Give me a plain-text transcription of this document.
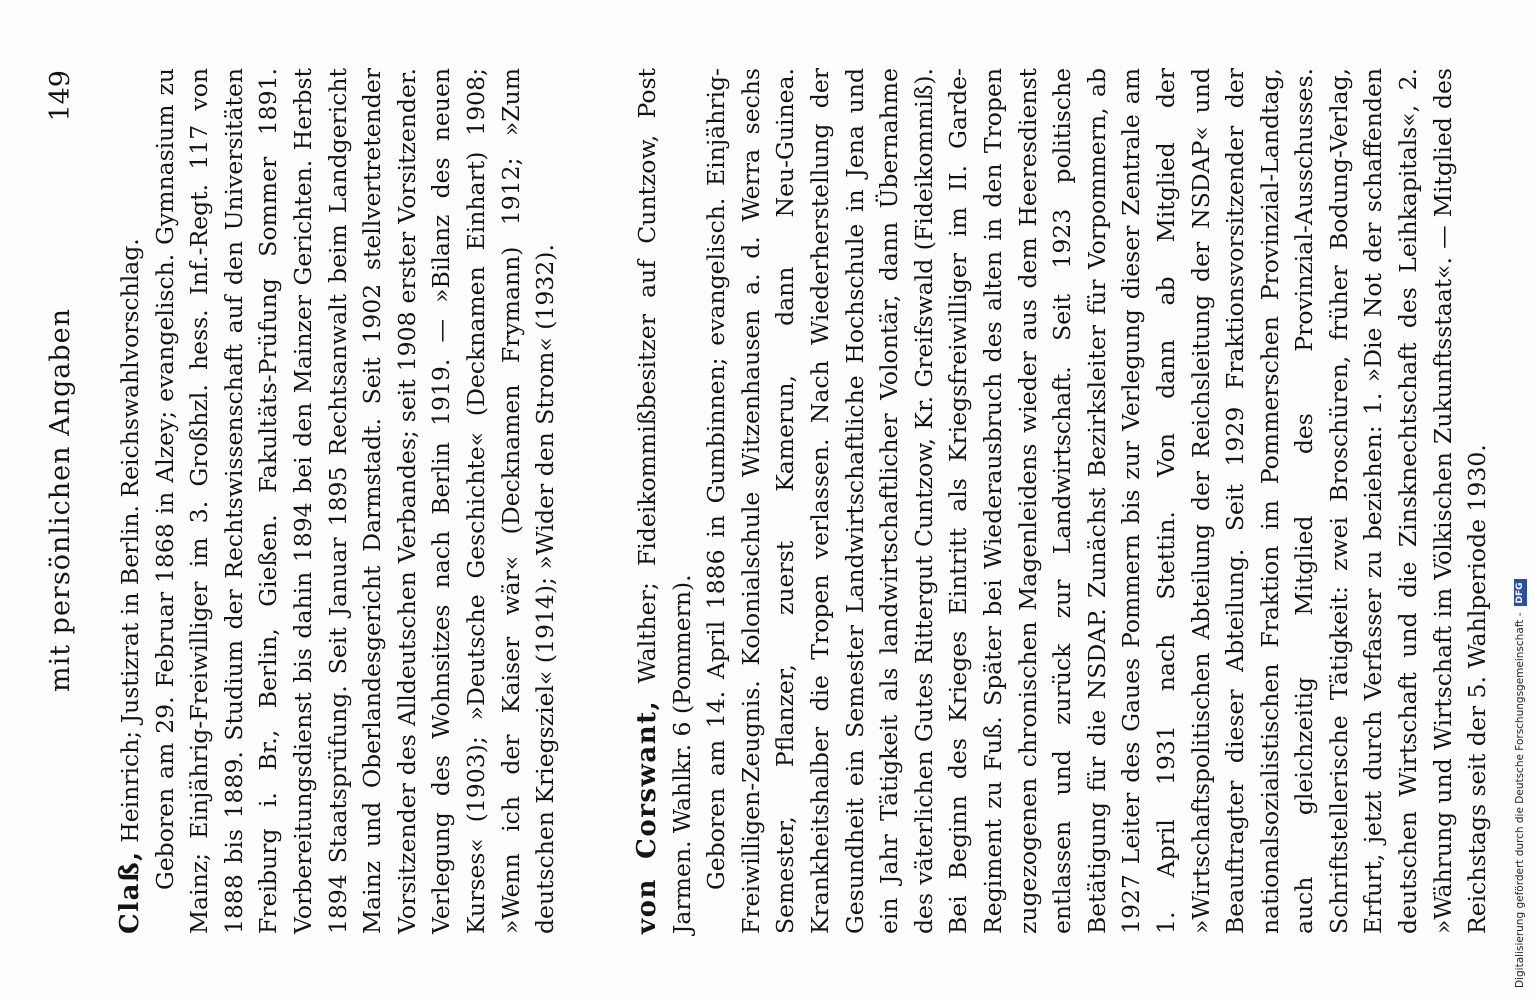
mit persönlichen Angaben
149

Claß, Heinrich; Justizrat in Berlin. Reichswahlvorschlag. Geboren am 29. Februar 1868 in Alzey; evangelisch. Gymnasium zu Mainz; Einjährig-Freiwilliger im 3. Großhzl. hess. Inf.-Regt. 117 von 1888 bis 1889. Studium der Rechtswissenschaft auf den Universitäten Freiburg i. Br., Berlin, Gießen. Fakultäts-Prüfung Sommer 1891. Vorbereitungsdienst bis dahin 1894 bei den Mainzer Gerichten. Herbst 1894 Staatsprüfung. Seit Januar 1895 Rechtsanwalt beim Landgericht Mainz und Oberlandesgericht Darmstadt. Seit 1902 stellvertretender Vorsitzender des Alldeutschen Verbandes; seit 1908 erster Vorsitzender. Verlegung des Wohnsitzes nach Berlin 1919. — »Bilanz des neuen Kurses« (1903); »Deutsche Geschichte« (Decknamen Einhart) 1908; »Wenn ich der Kaiser wär« (Decknamen Frymann) 1912; »Zum deutschen Kriegsziel« (1914); »Wider den Strom« (1932).	von Corswant, Walther; Fideikommißbesitzer auf Cuntzow, Post Jarmen. Wahlkr. 6 (Pommern). Geboren am 14. April 1886 in Gumbinnen; evangelisch. Einjährig-Freiwilligen-Zeugnis. Kolonialschule Witzenhausen a. d. Werra sechs Semester, Pflanzer, zuerst Kamerun, dann Neu-Guinea. Krankheitshalber die Tropen verlassen. Nach Wiederherstellung der Gesundheit ein Semester Landwirtschaftliche Hochschule in Jena und ein Jahr Tätigkeit als landwirtschaftlicher Volontär, dann Übernahme des väterlichen Gutes Rittergut Cuntzow, Kr. Greifswald (Fideikommiß). Bei Beginn des Krieges Eintritt als Kriegsfreiwilliger im II. Garde-Regiment zu Fuß. Später bei Wiederausbruch des alten in den Tropen zugezogenen chronischen Magenleidens wieder aus dem Heeresdienst entlassen und zurück zur Landwirtschaft. Seit 1923 politische Betätigung für die NSDAP. Zunächst Bezirksleiter für Vorpommern, ab 1927 Leiter des Gaues Pommern bis zur Verlegung dieser Zentrale am 1. April 1931 nach Stettin. Von dann ab Mitglied der »Wirtschaftspolitischen Abteilung der Reichsleitung der NSDAP« und Beauftragter dieser Abteilung. Seit 1929 Fraktionsvorsitzender der nationalsozialistischen Fraktion im Pommerschen Provinzial-Landtag, auch gleichzeitig Mitglied des Provinzial-Ausschusses. Schriftstellerische Tätigkeit: zwei Broschüren, früher Bodung-Verlag, Erfurt, jetzt durch Verfasser zu beziehen: 1. »Die Not der schaffenden deutschen Wirtschaft und die Zinsknechtschaft des Leihkapitals«, 2. »Währung und Wirtschaft im Völkischen Zukunftsstaat«. — Mitglied des Reichstags seit der 5. Wahlperiode 1930.	Digitalisierung gefördert durch die Deutsche Forschungsgemeinschaft -DFG
